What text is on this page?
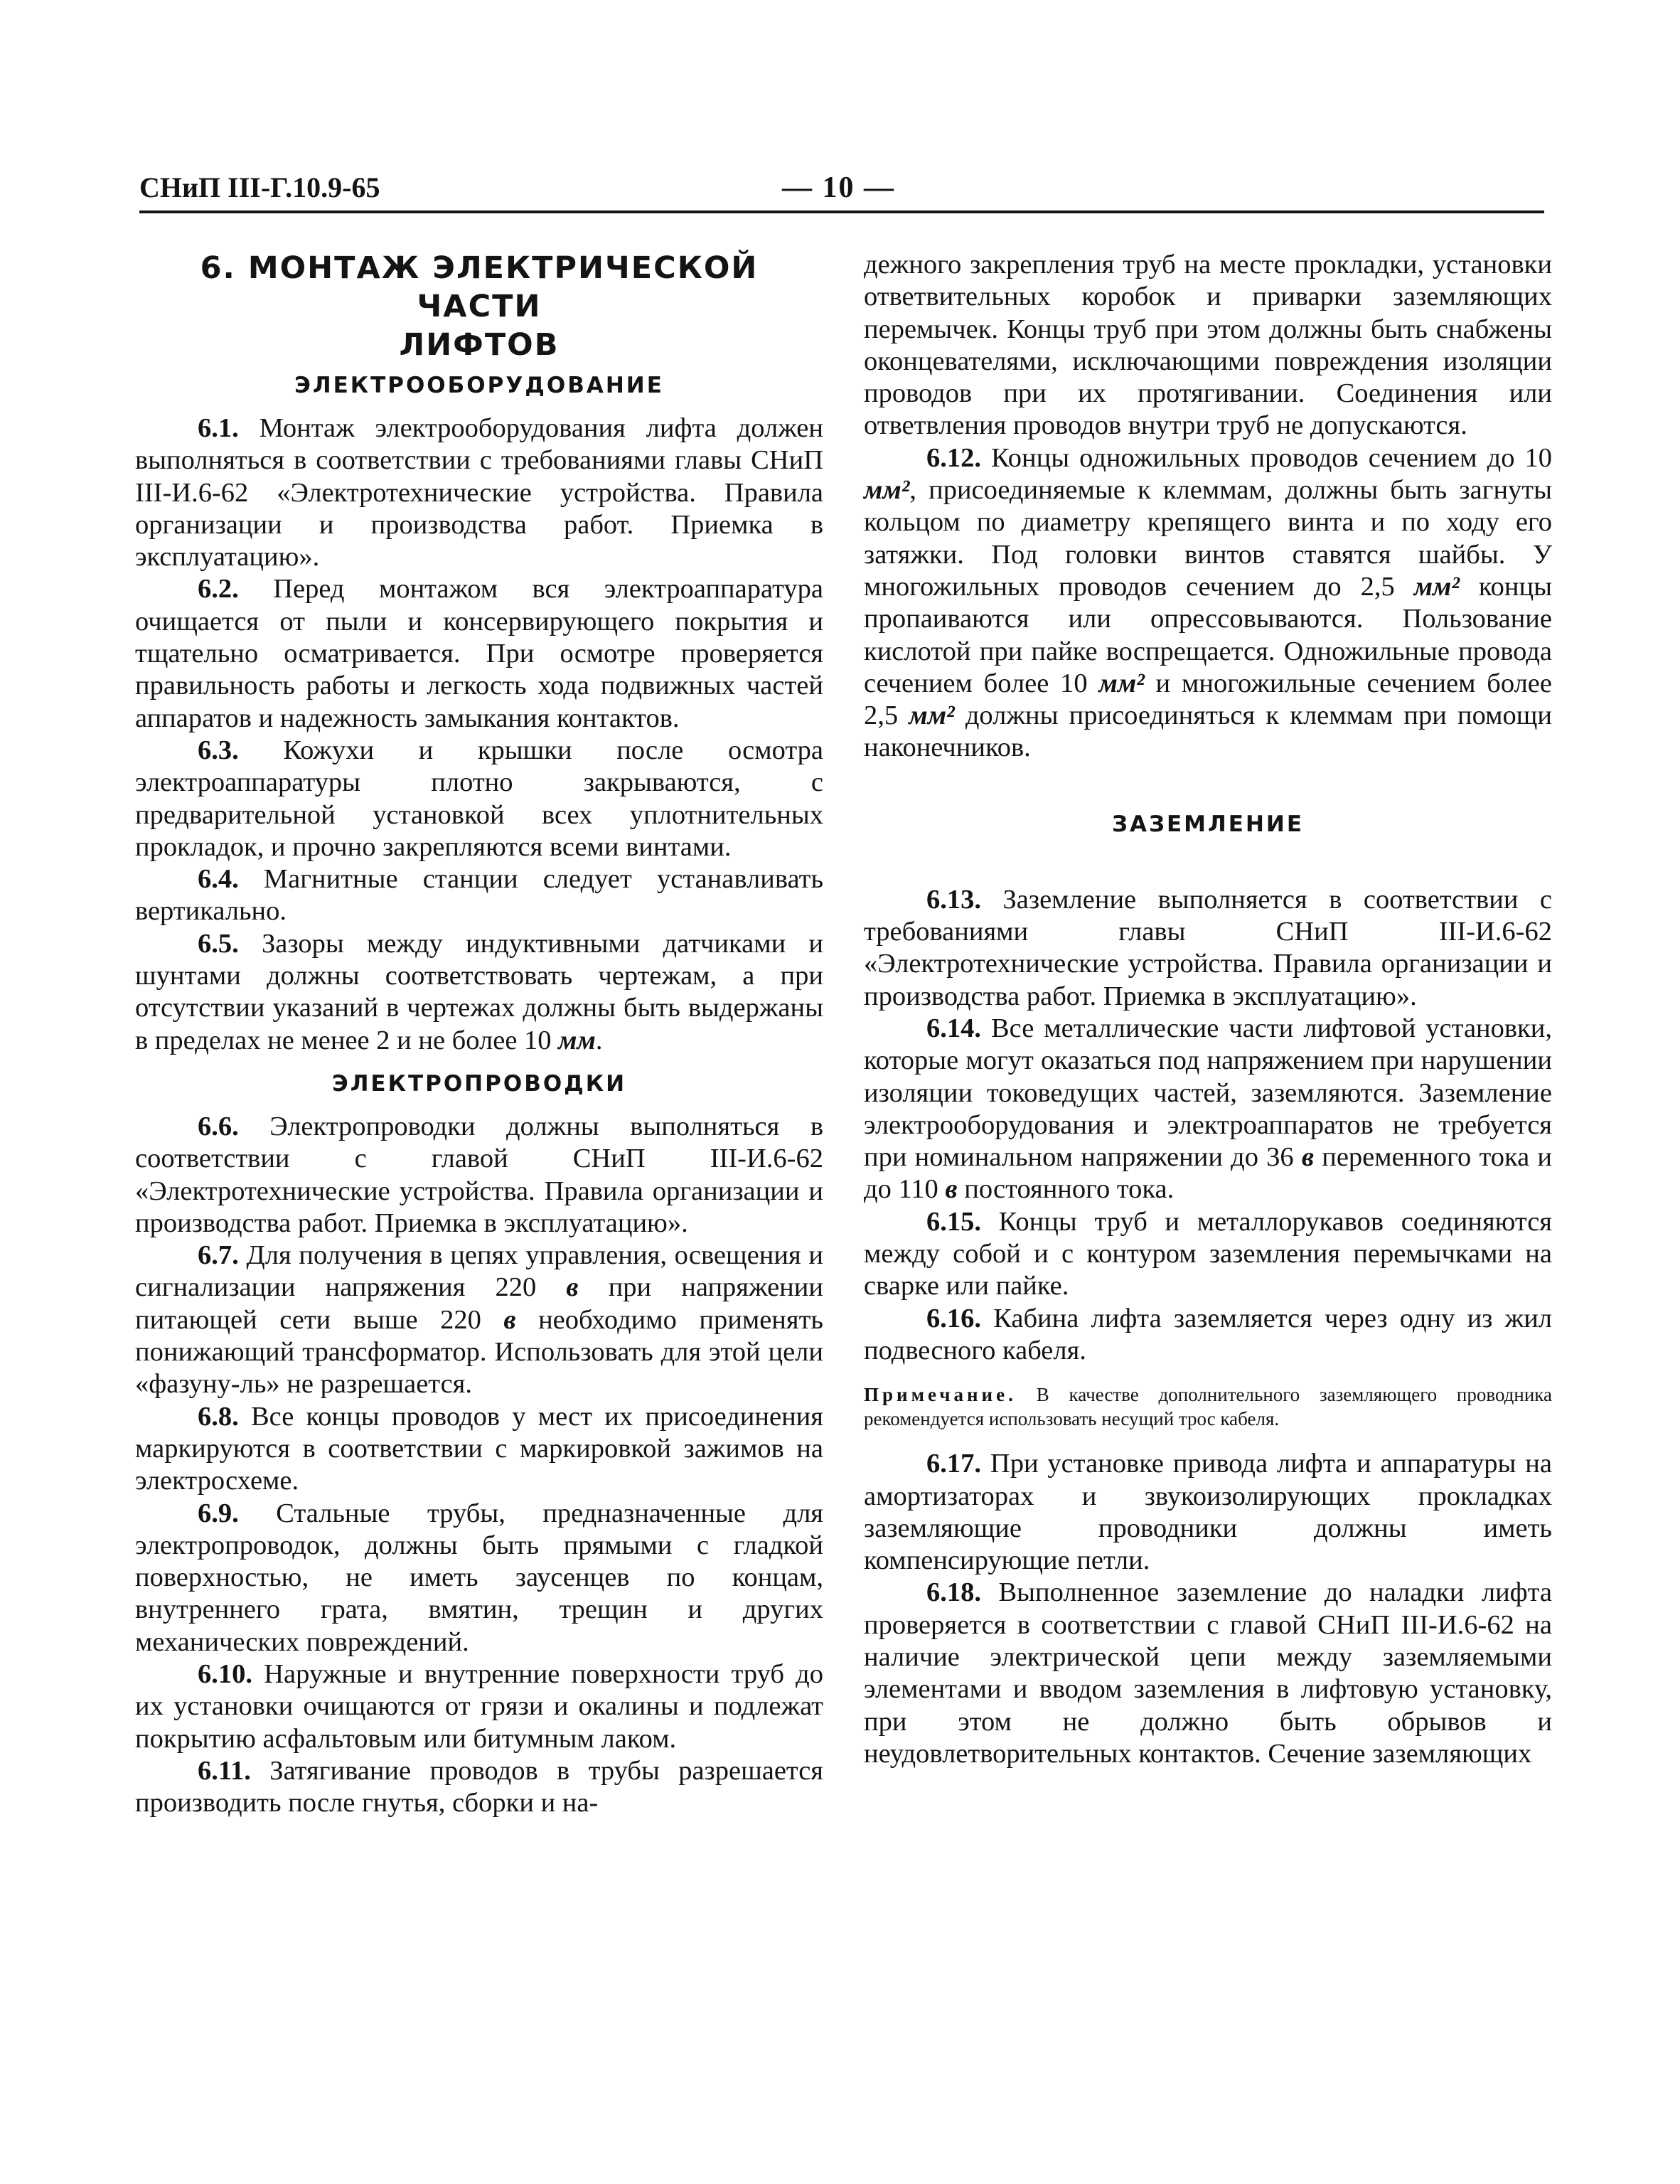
СНиП III-Г.10.9-65	— 10 —
6. МОНТАЖ ЭЛЕКТРИЧЕСКОЙ ЧАСТИ
ЛИФТОВ
ЭЛЕКТРООБОРУДОВАНИЕ

6.1. Монтаж электрооборудования лифта должен выполняться в соответствии с требованиями главы СНиП III-И.6-62 «Электротехнические устройства. Правила организации и производства работ. Приемка в эксплуатацию».

6.2. Перед монтажом вся электроаппаратура очищается от пыли и консервирующего покрытия и тщательно осматривается. При осмотре проверяется правильность работы и легкость хода подвижных частей аппаратов и надежность замыкания контактов.

6.3. Кожухи и крышки после осмотра электроаппаратуры плотно закрываются, с предварительной установкой всех уплотнительных прокладок, и прочно закрепляются всеми винтами.

6.4. Магнитные станции следует устанавливать вертикально.

6.5. Зазоры между индуктивными датчиками и шунтами должны соответствовать чертежам, а при отсутствии указаний в чертежах должны быть выдержаны в пределах не менее 2 и не более 10 мм.

ЭЛЕКТРОПРОВОДКИ

6.6. Электропроводки должны выполняться в соответствии с главой СНиП III-И.6-62 «Электротехнические устройства. Правила организации и производства работ. Приемка в эксплуатацию».

6.7. Для получения в цепях управления, освещения и сигнализации напряжения 220 в при напряжении питающей сети выше 220 в необходимо применять понижающий трансформатор. Использовать для этой цели «фазуну-ль» не разрешается.

6.8. Все концы проводов у мест их присоединения маркируются в соответствии с маркировкой зажимов на электросхеме.

6.9. Стальные трубы, предназначенные для электропроводок, должны быть прямыми с гладкой поверхностью, не иметь заусенцев по концам, внутреннего грата, вмятин, трещин и других механических повреждений.

6.10. Наружные и внутренние поверхности труб до их установки очищаются от грязи и окалины и подлежат покрытию асфальтовым или битумным лаком.

6.11. Затягивание проводов в трубы разрешается производить после гнутья, сборки и на-

дежного закрепления труб на месте прокладки, установки ответвительных коробок и приварки заземляющих перемычек. Концы труб при этом должны быть снабжены оконцевателями, исключающими повреждения изоляции проводов при их протягивании. Соединения или ответвления проводов внутри труб не допускаются.

6.12. Концы одножильных проводов сечением до 10 мм², присоединяемые к клеммам, должны быть загнуты кольцом по диаметру крепящего винта и по ходу его затяжки. Под головки винтов ставятся шайбы. У многожильных проводов сечением до 2,5 мм² концы пропаиваются или опрессовываются. Пользование кислотой при пайке воспрещается. Одножильные провода сечением более 10 мм² и многожильные сечением более 2,5 мм² должны присоединяться к клеммам при помощи наконечников.

ЗАЗЕМЛЕНИЕ

6.13. Заземление выполняется в соответствии с требованиями главы СНиП III-И.6-62 «Электротехнические устройства. Правила организации и производства работ. Приемка в эксплуатацию».

6.14. Все металлические части лифтовой установки, которые могут оказаться под напряжением при нарушении изоляции токоведущих частей, заземляются. Заземление электрооборудования и электроаппаратов не требуется при номинальном напряжении до 36 в переменного тока и до 110 в постоянного тока.

6.15. Концы труб и металлорукавов соединяются между собой и с контуром заземления перемычками на сварке или пайке.

6.16. Кабина лифта заземляется через одну из жил подвесного кабеля.

Примечание. В качестве дополнительного заземляющего проводника рекомендуется использовать несущий трос кабеля.

6.17. При установке привода лифта и аппаратуры на амортизаторах и звукоизолирующих прокладках заземляющие проводники должны иметь компенсирующие петли.

6.18. Выполненное заземление до наладки лифта проверяется в соответствии с главой СНиП III-И.6-62 на наличие электрической цепи между заземляемыми элементами и вводом заземления в лифтовую установку, при этом не должно быть обрывов и неудовлетворительных контактов. Сечение заземляющих
